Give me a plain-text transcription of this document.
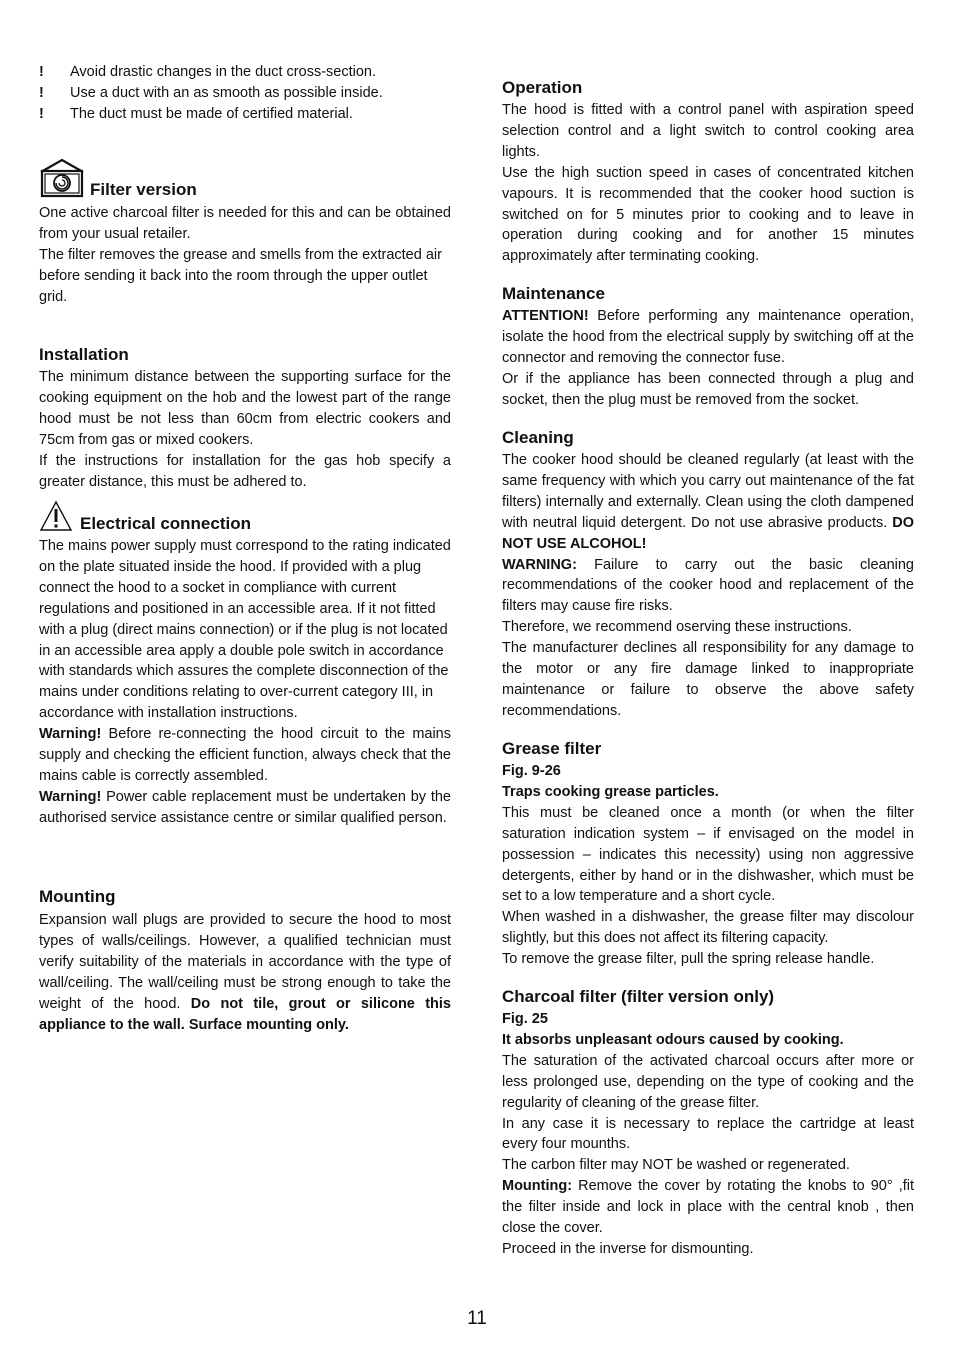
!	Avoid drastic changes in the duct cross-section.
!	Use a duct with an as smooth as possible inside.
!	The duct must be made of certified material.
Filter version

One active charcoal filter is needed for this and can be obtained from your usual retailer.

The filter removes the grease and smells from the extracted air before sending it back into the room through the upper outlet grid.

Installation

The minimum distance between the supporting surface for the cooking equipment on the hob and the lowest part of the range hood must be not less than 60cm from electric cookers and 75cm from gas or mixed cookers.

If the instructions for installation for the gas hob specify a greater distance, this must be adhered to.

Electrical connection

The mains power supply must correspond to the rating indicated on the plate situated inside the hood. If provided with a plug connect the hood to a socket in compliance with current regulations and positioned in an accessible area. If it not fitted with a plug (direct mains connection) or if the plug is not located in an accessible area apply a double pole switch in accordance with standards which assures the complete disconnection of the mains under conditions relating to over-current category III, in accordance with installation instructions.

Warning! Before re-connecting the hood circuit to the mains supply and checking the efficient function, always check that the mains cable is correctly assembled.

Warning! Power cable replacement must be undertaken by the authorised service assistance centre or similar qualified person.

Mounting

Expansion wall plugs are provided to secure the hood to most types of walls/ceilings. However, a qualified technician must verify suitability of the materials in accordance with the type of wall/ceiling. The wall/ceiling must be strong enough to take the weight of the hood. Do not tile, grout or silicone this appliance to the wall. Surface mounting only.

Operation

The hood is fitted with a control panel with aspiration speed selection control and a light switch to control cooking area lights.

Use the high suction speed in cases of concentrated kitchen vapours. It is recommended that the cooker hood suction is switched on for 5 minutes prior to cooking and to leave in operation during cooking and for another 15 minutes approximately after terminating cooking.

Maintenance

ATTENTION! Before performing any maintenance operation, isolate the hood from the electrical supply by switching off at the connector and removing the connector fuse.

Or if the appliance has been connected through a plug and socket, then the plug must be removed from the socket.

Cleaning

The cooker hood should be cleaned regularly (at least with the same frequency with which you carry out maintenance of the fat filters) internally and externally. Clean using the cloth dampened with neutral liquid detergent. Do not use abrasive products. DO NOT USE ALCOHOL!

WARNING: Failure to carry out the basic cleaning recommendations of the cooker hood and replacement of the filters may cause fire risks.

Therefore, we recommend oserving these instructions.

The manufacturer declines all responsibility for any damage to the motor or any fire damage linked to inappropriate maintenance or failure to observe the above safety recommendations.

Grease filter

Fig. 9-26

Traps cooking grease particles.

This must be cleaned once a month (or when the filter saturation indication system – if envisaged on the model in possession – indicates this necessity) using non aggressive detergents, either by hand or in the dishwasher, which must be set to a low temperature and a short cycle.

When washed in a dishwasher, the grease filter may discolour slightly, but this does not affect its filtering capacity.

To remove the grease filter, pull the spring release handle.

Charcoal filter (filter version only)

Fig. 25

It absorbs unpleasant odours caused by cooking.

The saturation of the activated charcoal occurs after more or less prolonged use, depending on the type of cooking and the regularity of cleaning of the grease filter.

In any case it is necessary to replace the cartridge at least every four mounths.

The carbon filter may NOT be washed or regenerated.

Mounting: Remove the cover by rotating the knobs to 90° ,fit the filter inside and lock in place with the central knob , then close the cover.

Proceed in the inverse for dismounting.

11
